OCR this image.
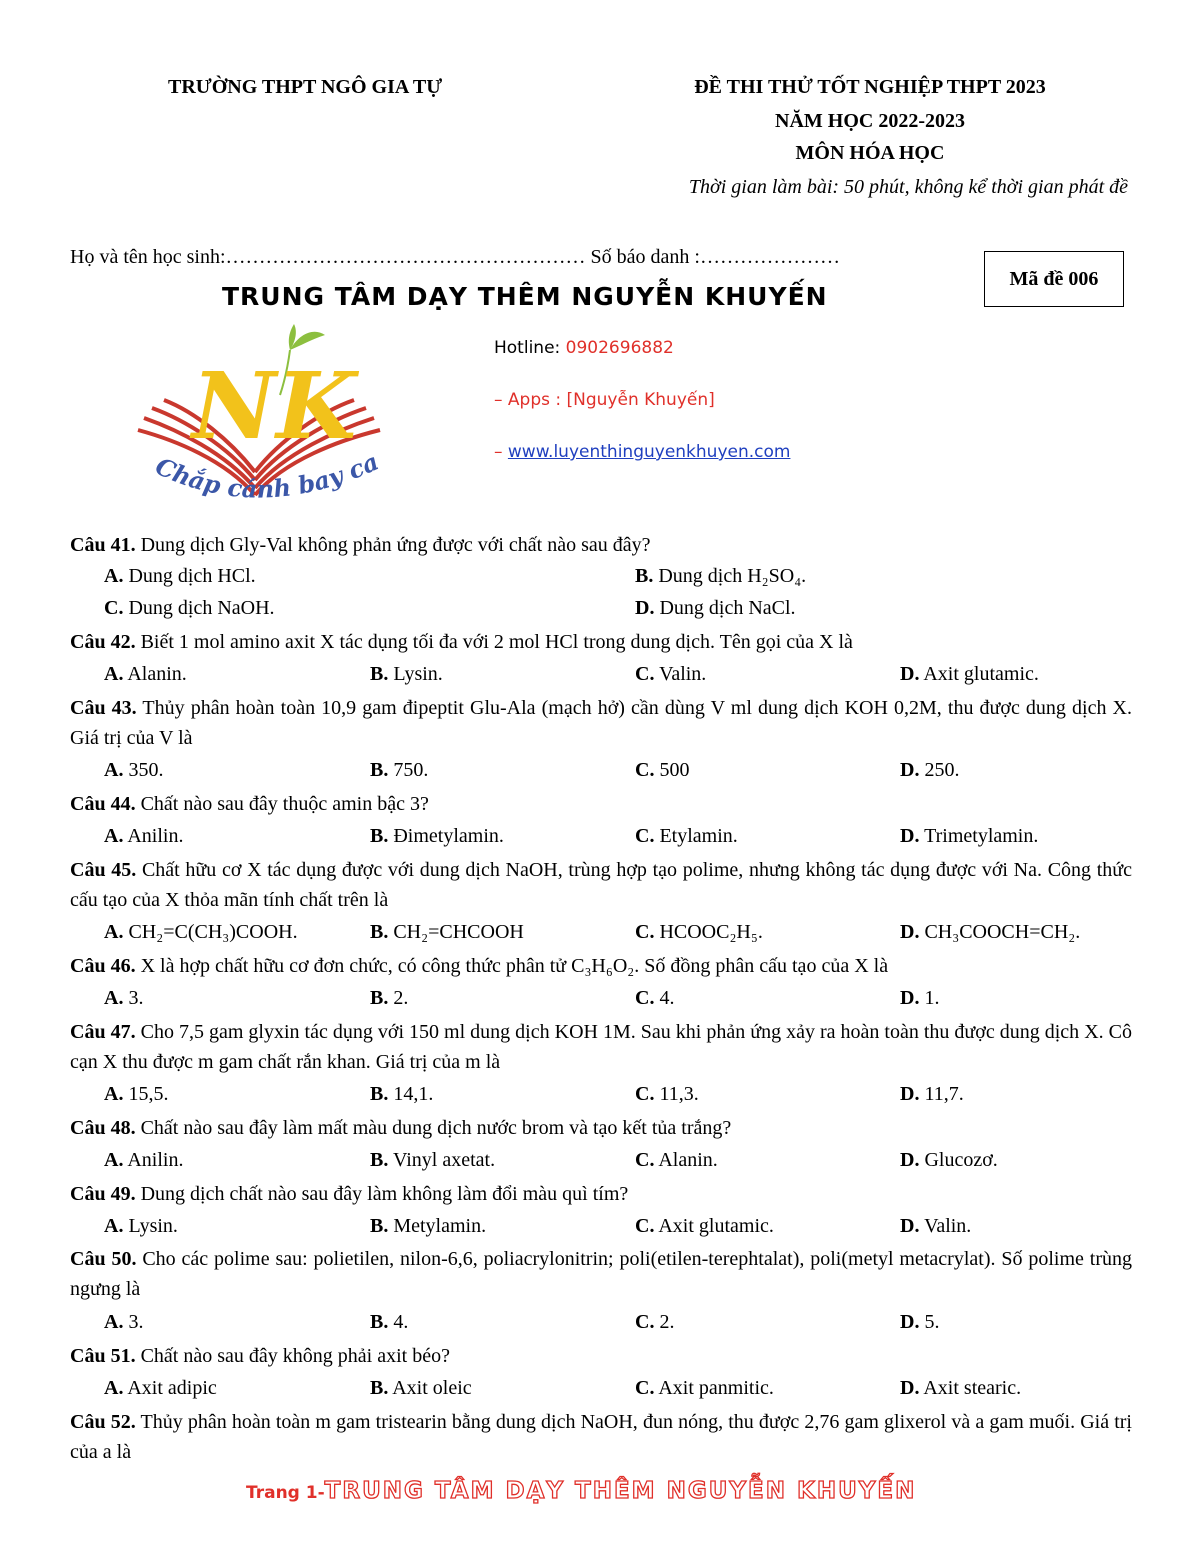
TRƯỜNG THPT NGÔ GIA TỰ	ĐỀ THI THỬ TỐT NGHIỆP THPT 2023
NĂM HỌC 2022-2023
MÔN HÓA HỌC
Thời gian làm bài: 50 phút, không kể thời gian phát đề
Họ và tên học sinh:……………………………………………… Số báo danh :…………………
Mã đề 006
TRUNG TÂM DẠY THÊM NGUYỄN KHUYẾN
NK
Chắp cánh bay ca
Hotline: 0902696882
– Apps : [Nguyễn Khuyến]
– www.luyenthinguyenkhuyen.com
Câu 41. Dung dịch Gly-Val không phản ứng được với chất nào sau đây?
A. Dung dịch HCl.	B. Dung dịch H₂SO₄.
C. Dung dịch NaOH.	D. Dung dịch NaCl.
Câu 42. Biết 1 mol amino axit X tác dụng tối đa với 2 mol HCl trong dung dịch. Tên gọi của X là
A. Alanin.	B. Lysin.	C. Valin.	D. Axit glutamic.
Câu 43. Thủy phân hoàn toàn 10,9 gam đipeptit Glu-Ala (mạch hở) cần dùng V ml dung dịch KOH 0,2M, thu được dung dịch X. Giá trị của V là
A. 350.	B. 750.	C. 500	D. 250.
Câu 44. Chất nào sau đây thuộc amin bậc 3?
A. Anilin.	B. Đimetylamin.	C. Etylamin.	D. Trimetylamin.
Câu 45. Chất hữu cơ X tác dụng được với dung dịch NaOH, trùng hợp tạo polime, nhưng không tác dụng được với Na. Công thức cấu tạo của X thỏa mãn tính chất trên là
A. CH₂=C(CH₃)COOH.	B. CH₂=CHCOOH	C. HCOOC₂H₅.	D. CH₃COOCH=CH₂.
Câu 46. X là hợp chất hữu cơ đơn chức, có công thức phân tử C₃H₆O₂. Số đồng phân cấu tạo của X là
A. 3.	B. 2.	C. 4.	D. 1.
Câu 47. Cho 7,5 gam glyxin tác dụng với 150 ml dung dịch KOH 1M. Sau khi phản ứng xảy ra hoàn toàn thu được dung dịch X. Cô cạn X thu được m gam chất rắn khan. Giá trị của m là
A. 15,5.	B. 14,1.	C. 11,3.	D. 11,7.
Câu 48. Chất nào sau đây làm mất màu dung dịch nước brom và tạo kết tủa trắng?
A. Anilin.	B. Vinyl axetat.	C. Alanin.	D. Glucozơ.
Câu 49. Dung dịch chất nào sau đây làm không làm đổi màu quì tím?
A. Lysin.	B. Metylamin.	C. Axit glutamic.	D. Valin.
Câu 50. Cho các polime sau: polietilen, nilon-6,6, poliacrylonitrin; poli(etilen-terephtalat), poli(metyl metacrylat). Số polime trùng ngưng là
A. 3.	B. 4.	C. 2.	D. 5.
Câu 51. Chất nào sau đây không phải axit béo?
A. Axit adipic	B. Axit oleic	C. Axit panmitic.	D. Axit stearic.
Câu 52. Thủy phân hoàn toàn m gam tristearin bằng dung dịch NaOH, đun nóng, thu được 2,76 gam glixerol và a gam muối. Giá trị của a là
Trang 1-TRUNG TÂM DẠY THÊM NGUYỄN KHUYẾN
